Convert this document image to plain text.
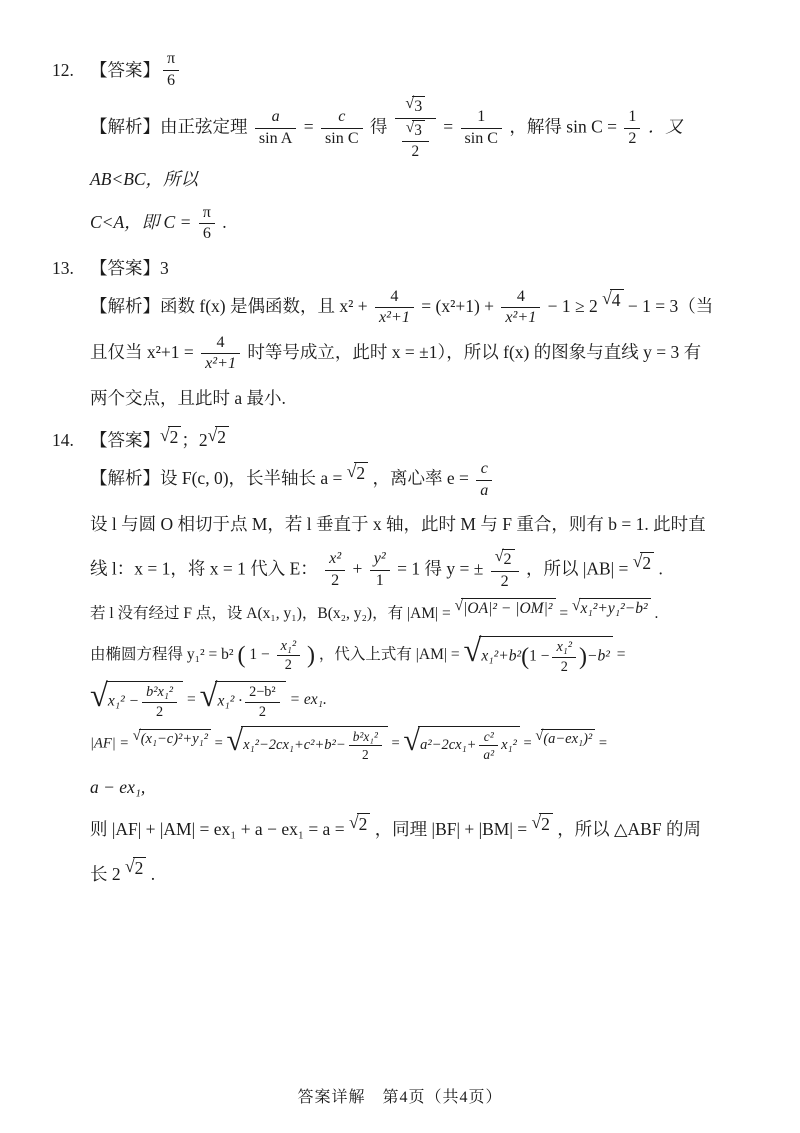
12. 【答案】 $\frac{\pi}{6}$

【解析】由正弦定理 $\frac{a}{\text{sin A}} = \frac{c}{\text{sin C}}$ 得 $\frac{√3}{\frac{√3}{2}} = \frac{1}{\text{sin C}}$ ，解得 $\sin C = \frac{1}{2}$ ．又 AB<BC，所以

C<A，即 $C = \frac{\pi}{6}$ .

13. 【答案】 3

【解析】函数 f(x) 是偶函数，且 $x^2 + \frac{4}{\text{x²+1}} = (x^2+1) + \frac{4}{\text{x²+1}} - 1 \ge 2$ √4 − 1 = 3（当

且仅当 $x^2+1 = \frac{4}{\text{x²+1}}$ 时等号成立，此时 x = ±1），所以 f(x) 的图象与直线 y = 3 有

两个交点，且此时 a 最小.

14. 【答案】 √2 ；2 √2

【解析】设 F(c, 0)，长半轴长 a = √2 ，离心率 $e = \frac{c}{a}$

设 l 与圆 O 相切于点 M，若 l 垂直于 x 轴，此时 M 与 F 重合，则有 b = 1. 此时直

线 l：x = 1，将 x = 1 代入 E： $\frac{\text{x²}}{2} + \frac{\text{y²}}{1} = 1$ 得 y = ± $\frac{√2}{2}$ ，所以 |AB| = √2 .

若 l 没有经过 F 点，设 A(x₁, y₁)，B(x₂, y₂)，有 |AM| = √|OA|² − |OM|² = √x₁²+y₁²−b² .

由椭圆方程得 y₁² = b² ( $1 - \frac{\text{x₁²}}{2}$ ) ，代入上式有 $|AM| = √x_1^2+b^2(1 - \frac{\text{x₁²}}{2} )-b^2$ =

$√x_1^2 - \frac{\text{b²x₁²}}{2} = √x_1^2 \cdot \frac{\text{2−b²}}{2} = ex_1$.

$|AF| = √(x_1-c)^2+y_1^2 = √x_1^2-2cx_1+c^2+b^2- \frac{\text{b²x₁²}}{2} = √a^2-2cx_1+ \frac{\text{c²}}{\text{a²}} x_1^2 = √(a-ex_1)^2$ =

a − ex₁,

则 |AF| + |AM| = ex₁ + a − ex₁ = a = √2 ，同理 |BF| + |BM| = √2 ，所以 △ABF 的周

长 2 √2 .

答案详解　第4页（共4页）
